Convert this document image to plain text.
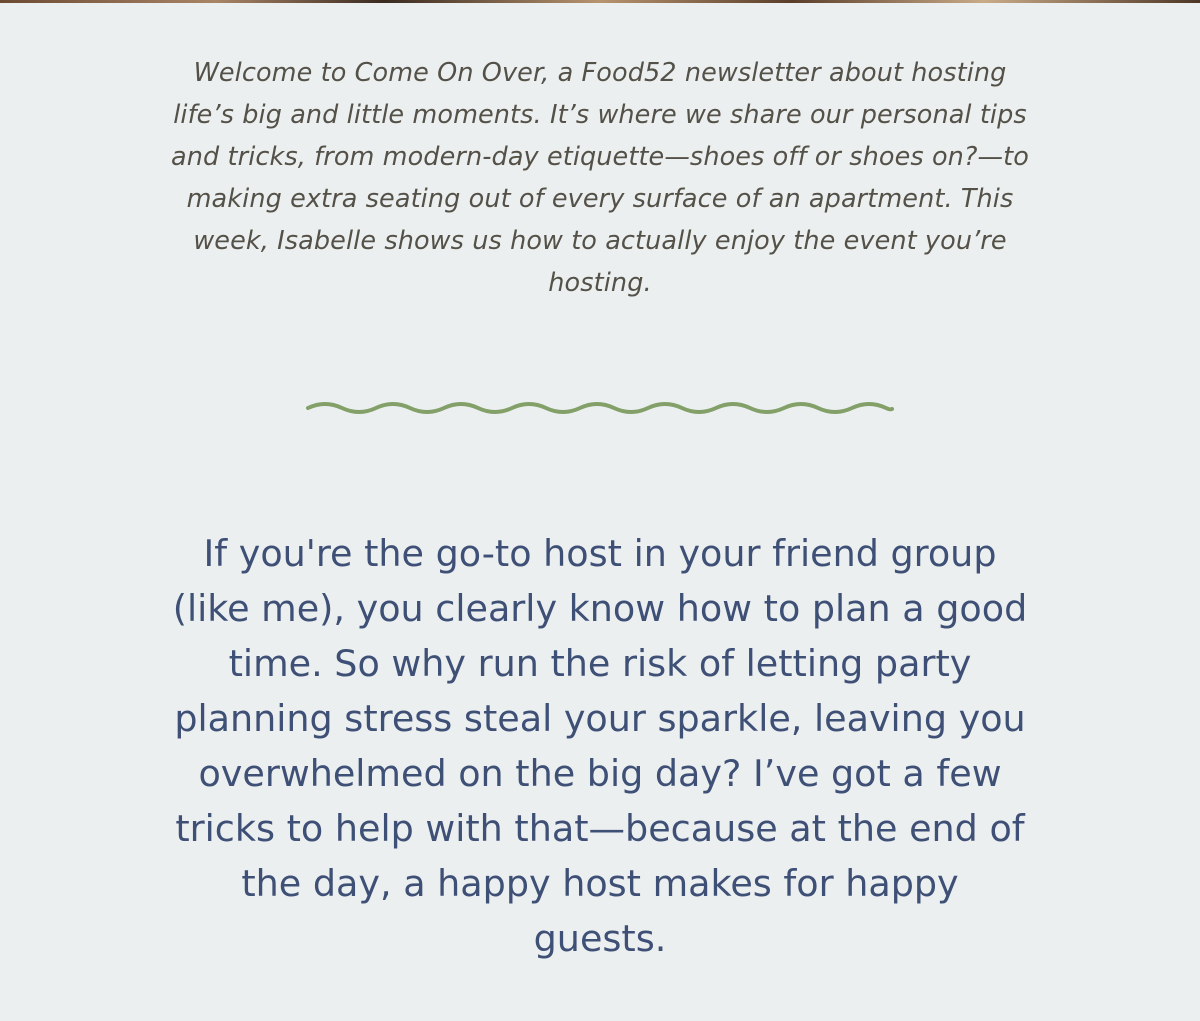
Welcome to Come On Over, a Food52 newsletter about hosting life’s big and little moments. It’s where we share our personal tips and tricks, from modern-day etiquette—shoes off or shoes on?—to making extra seating out of every surface of an apartment. This week, Isabelle shows us how to actually enjoy the event you’re hosting.

If you're the go-to host in your friend group (like me), you clearly know how to plan a good time. So why run the risk of letting party planning stress steal your sparkle, leaving you overwhelmed on the big day? I’ve got a few tricks to help with that—because at the end of the day, a happy host makes for happy guests.
